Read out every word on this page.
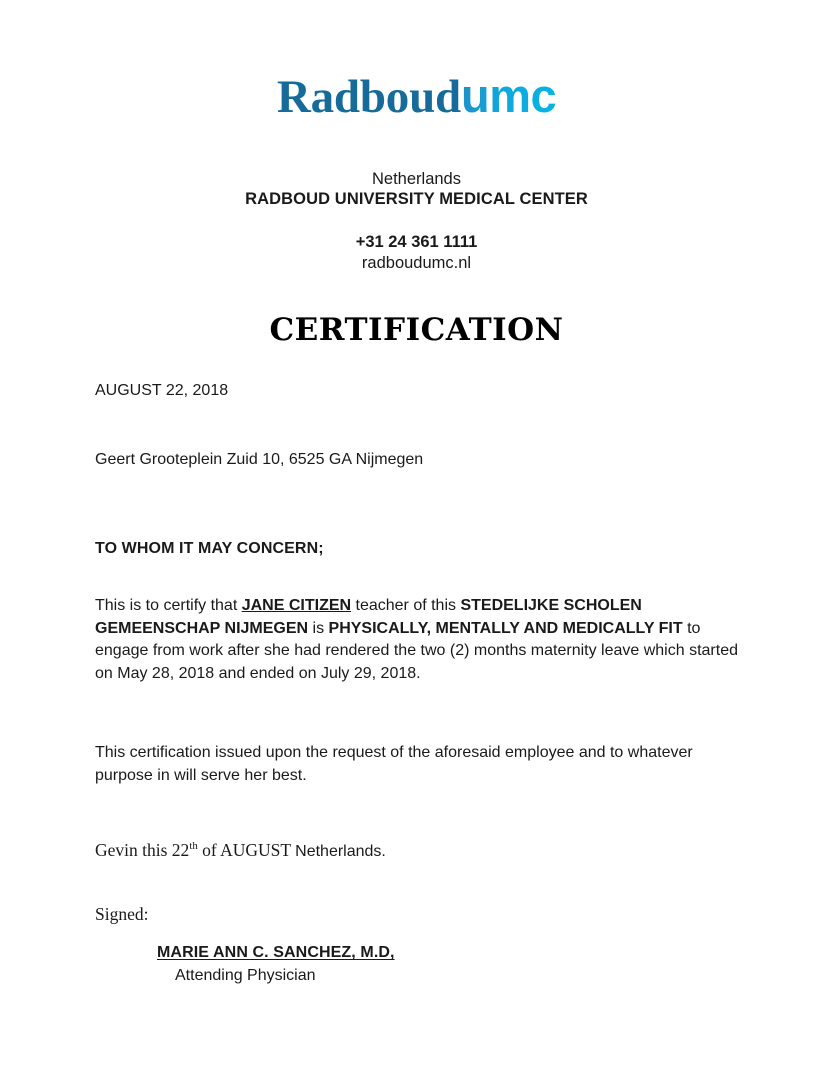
Radboudumc
Netherlands
RADBOUD UNIVERSITY MEDICAL CENTER
+31 24 361 1111
radboudumc.nl
CERTIFICATION
AUGUST 22, 2018
Geert Grooteplein Zuid 10, 6525 GA Nijmegen
TO WHOM IT MAY CONCERN;

This is to certify that JANE CITIZEN teacher of this STEDELIJKE SCHOLEN GEMEENSCHAP NIJMEGEN is PHYSICALLY, MENTALLY AND MEDICALLY FIT to engage from work after she had rendered the two (2) months maternity leave which started on May 28, 2018 and ended on July 29, 2018.

This certification issued upon the request of the aforesaid employee and to whatever purpose in will serve her best.

Gevin this 22th of AUGUST Netherlands.
Signed:
MARIE ANN C. SANCHEZ, M.D,
Attending Physician
